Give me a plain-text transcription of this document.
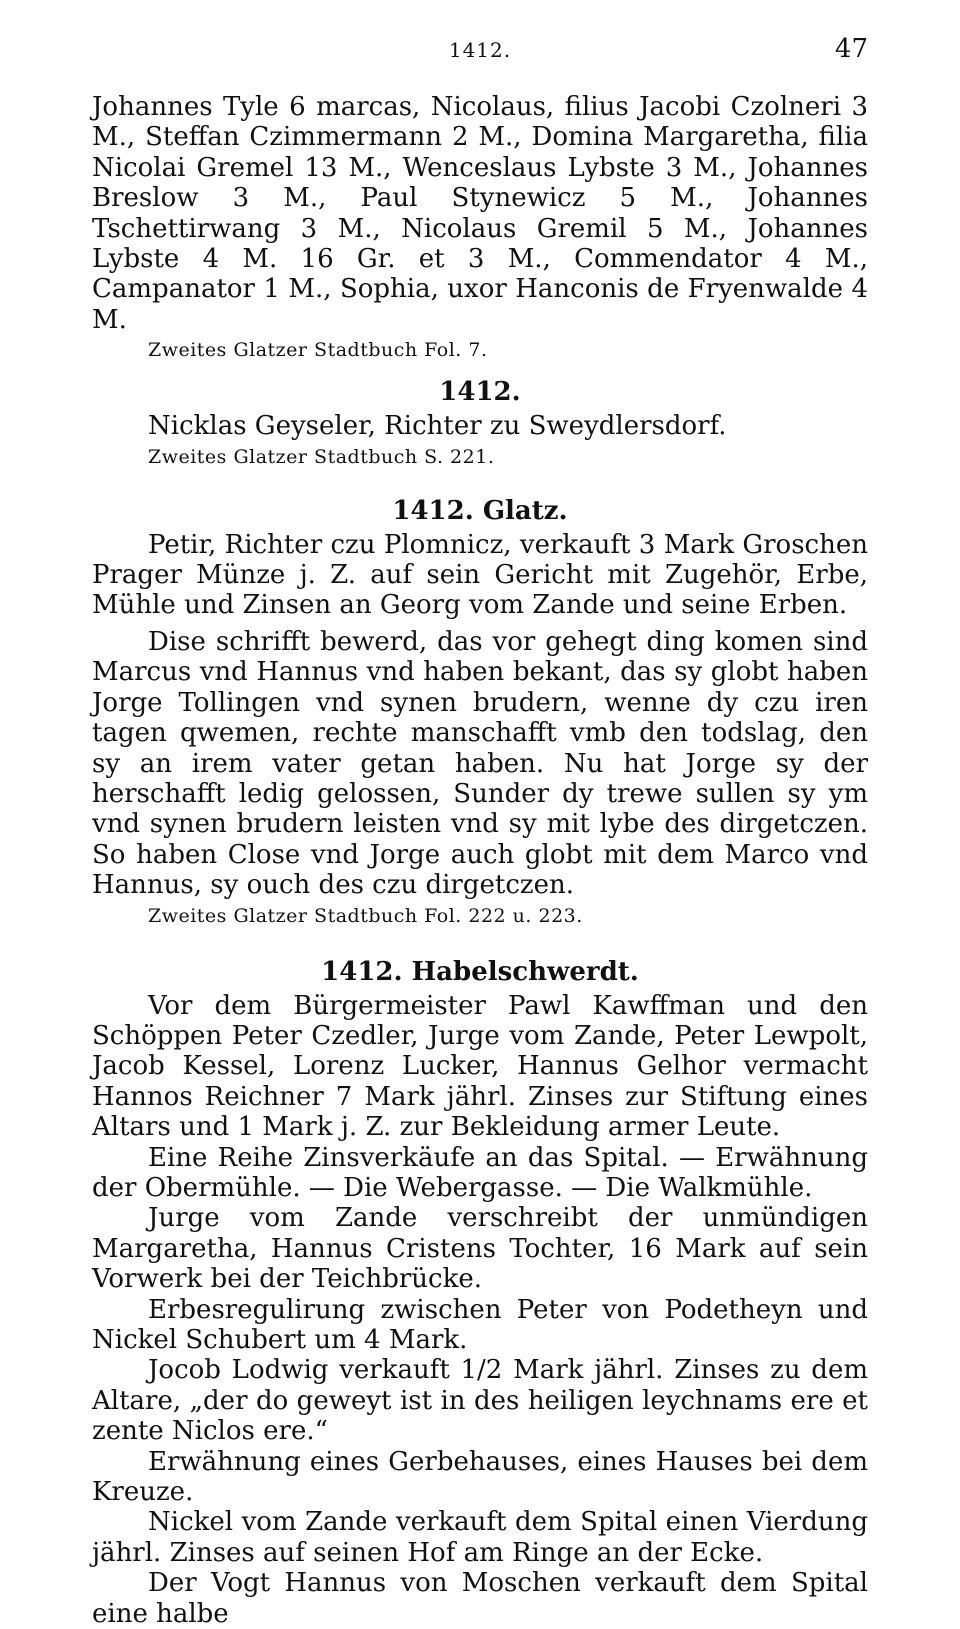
1412.	47

Johannes Tyle 6 marcas, Nicolaus, filius Jacobi Czolneri 3 M., Steffan Czimmermann 2 M., Domina Margaretha, filia Nicolai Gremel 13 M., Wenceslaus Lybste 3 M., Johannes Breslow 3 M., Paul Stynewicz 5 M., Johannes Tschettirwang 3 M., Nicolaus Gremil 5 M., Johannes Lybste 4 M. 16 Gr. et 3 M., Commendator 4 M., Campanator 1 M., Sophia, uxor Hanconis de Fryenwalde 4 M.

Zweites Glatzer Stadtbuch Fol. 7.
1412.

Nicklas Geyseler, Richter zu Sweydlersdorf.

Zweites Glatzer Stadtbuch S. 221.
1412. Glatz.

Petir, Richter czu Plomnicz, verkauft 3 Mark Groschen Prager Münze j. Z. auf sein Gericht mit Zugehör, Erbe, Mühle und Zinsen an Georg vom Zande und seine Erben.

Dise schrifft bewerd, das vor gehegt ding komen sind Marcus vnd Hannus vnd haben bekant, das sy globt haben Jorge Tollingen vnd synen brudern, wenne dy czu iren tagen qwemen, rechte manschafft vmb den todslag, den sy an irem vater getan haben. Nu hat Jorge sy der herschafft ledig gelossen, Sunder dy trewe sullen sy ym vnd synen brudern leisten vnd sy mit lybe des dirgetczen. So haben Close vnd Jorge auch globt mit dem Marco vnd Hannus, sy ouch des czu dirgetczen.

Zweites Glatzer Stadtbuch Fol. 222 u. 223.
1412. Habelschwerdt.

Vor dem Bürgermeister Pawl Kawffman und den Schöppen Peter Czedler, Jurge vom Zande, Peter Lewpolt, Jacob Kessel, Lorenz Lucker, Hannus Gelhor vermacht Hannos Reichner 7 Mark jährl. Zinses zur Stiftung eines Altars und 1 Mark j. Z. zur Bekleidung armer Leute.

Eine Reihe Zinsverkäufe an das Spital. — Erwähnung der Obermühle. — Die Webergasse. — Die Walkmühle.

Jurge vom Zande verschreibt der unmündigen Margaretha, Hannus Cristens Tochter, 16 Mark auf sein Vorwerk bei der Teichbrücke.

Erbesregulirung zwischen Peter von Podetheyn und Nickel Schubert um 4 Mark.

Jocob Lodwig verkauft 1/2 Mark jährl. Zinses zu dem Altare, „der do geweyt ist in des heiligen leychnams ere et zente Niclos ere.“

Erwähnung eines Gerbehauses, eines Hauses bei dem Kreuze.

Nickel vom Zande verkauft dem Spital einen Vierdung jährl. Zinses auf seinen Hof am Ringe an der Ecke.

Der Vogt Hannus von Moschen verkauft dem Spital eine halbe
